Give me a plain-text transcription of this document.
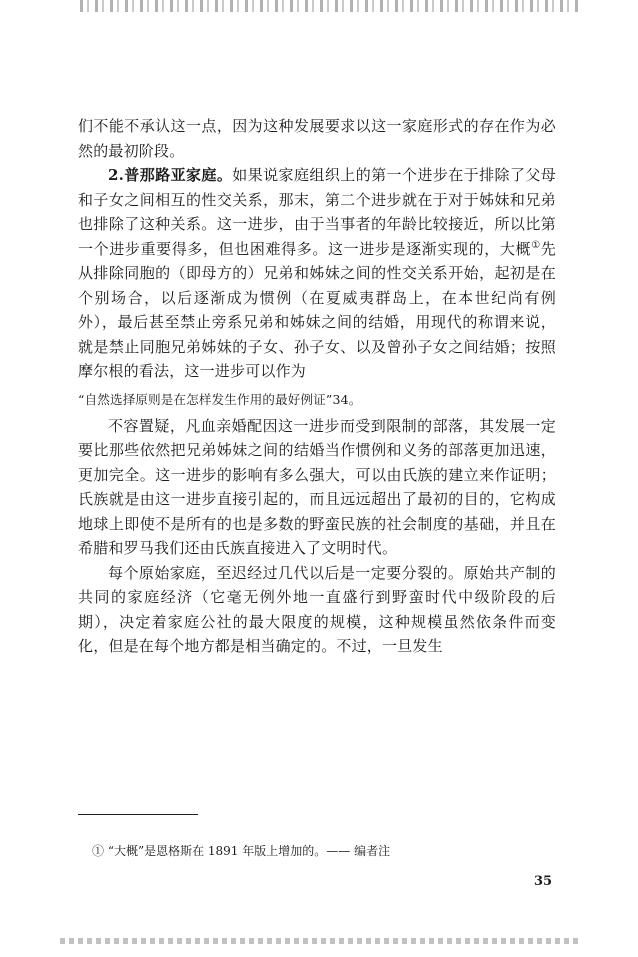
们不能不承认这一点，因为这种发展要求以这一家庭形式的存在作为必然的最初阶段。

2.普那路亚家庭。如果说家庭组织上的第一个进步在于排除了父母和子女之间相互的性交关系，那末，第二个进步就在于对于姊妹和兄弟也排除了这种关系。这一进步，由于当事者的年龄比较接近，所以比第一个进步重要得多，但也困难得多。这一进步是逐渐实现的，大概①先从排除同胞的（即母方的）兄弟和姊妹之间的性交关系开始，起初是在个别场合，以后逐渐成为惯例（在夏威夷群岛上，在本世纪尚有例外），最后甚至禁止旁系兄弟和姊妹之间的结婚，用现代的称谓来说，就是禁止同胞兄弟姊妹的子女、孙子女、以及曾孙子女之间结婚；按照摩尔根的看法，这一进步可以作为

“自然选择原则是在怎样发生作用的最好例证”34。

不容置疑，凡血亲婚配因这一进步而受到限制的部落，其发展一定要比那些依然把兄弟姊妹之间的结婚当作惯例和义务的部落更加迅速，更加完全。这一进步的影响有多么强大，可以由氏族的建立来作证明；氏族就是由这一进步直接引起的，而且远远超出了最初的目的，它构成地球上即使不是所有的也是多数的野蛮民族的社会制度的基础，并且在希腊和罗马我们还由氏族直接进入了文明时代。

每个原始家庭，至迟经过几代以后是一定要分裂的。原始共产制的共同的家庭经济（它毫无例外地一直盛行到野蛮时代中级阶段的后期），决定着家庭公社的最大限度的规模，这种规模虽然依条件而变化，但是在每个地方都是相当确定的。不过，一旦发生

① “大概”是恩格斯在 1891 年版上增加的。—— 编者注
35
